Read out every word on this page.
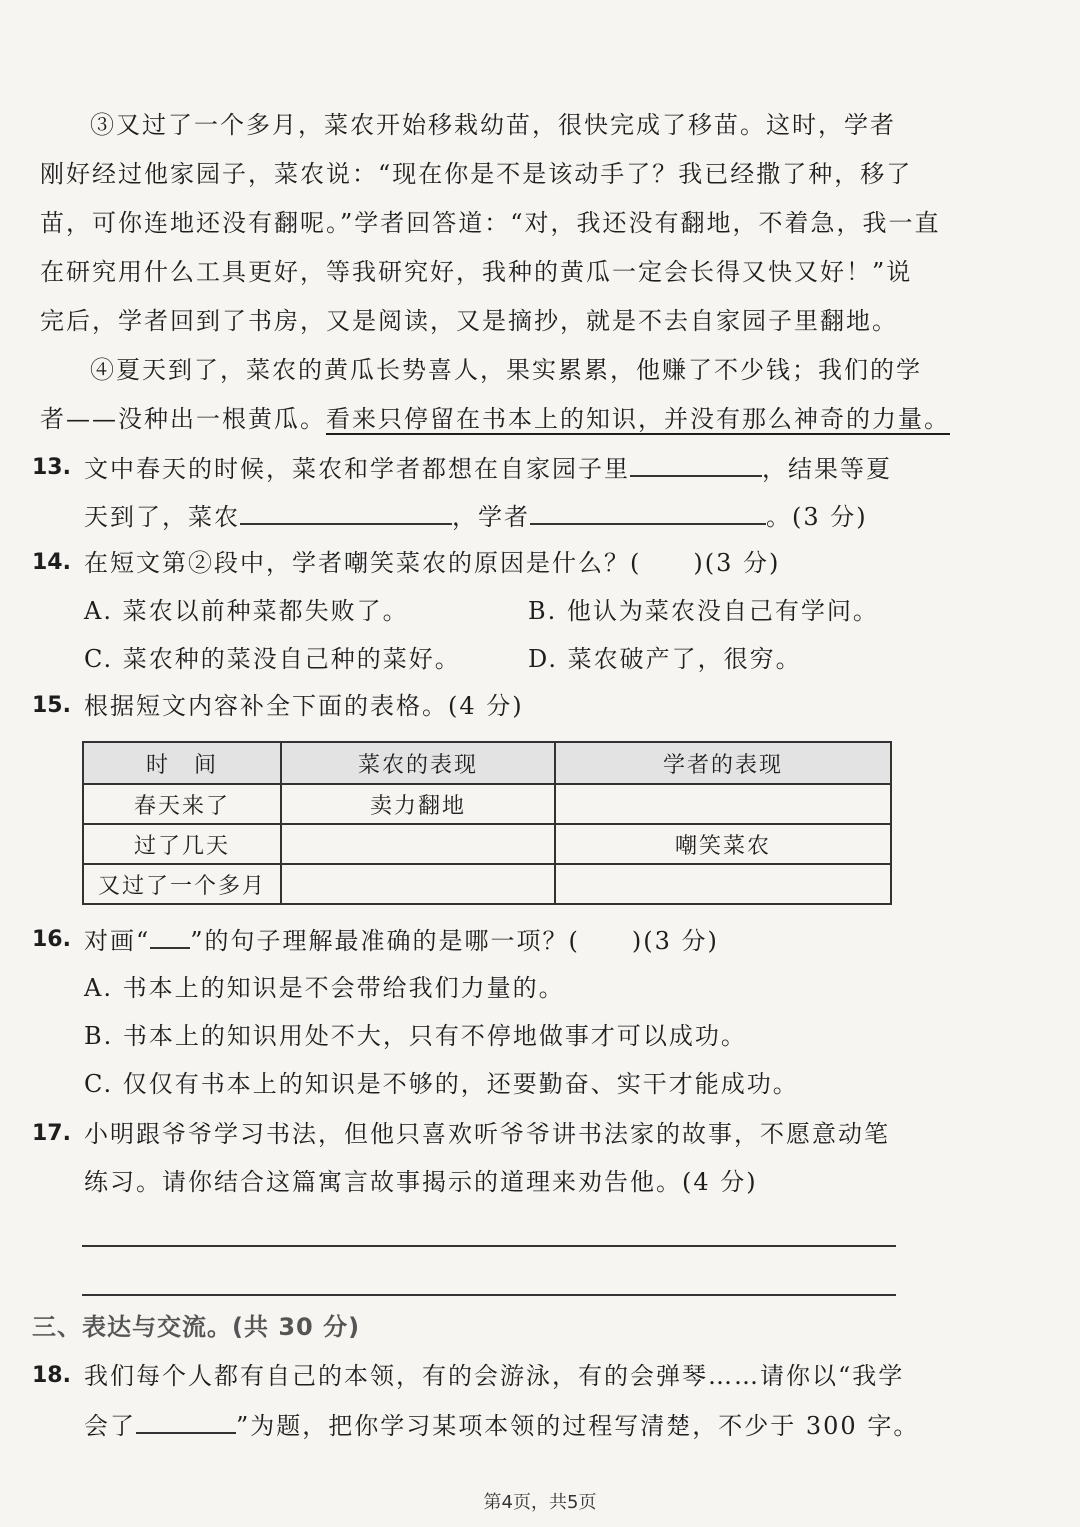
③又过了一个多月，菜农开始移栽幼苗，很快完成了移苗。这时，学者
刚好经过他家园子，菜农说：“现在你是不是该动手了？我已经撒了种，移了
苗，可你连地还没有翻呢。”学者回答道：“对，我还没有翻地，不着急，我一直
在研究用什么工具更好，等我研究好，我种的黄瓜一定会长得又快又好！”说
完后，学者回到了书房，又是阅读，又是摘抄，就是不去自家园子里翻地。
④夏天到了，菜农的黄瓜长势喜人，果实累累，他赚了不少钱；我们的学
者——没种出一根黄瓜。看来只停留在书本上的知识，并没有那么神奇的力量。
13. 文中春天的时候，菜农和学者都想在自家园子里	，结果等夏
天到了，菜农	，学者	。(3 分)
14. 在短文第②段中，学者嘲笑菜农的原因是什么？(　　)(3 分)
A. 菜农以前种菜都失败了。	B. 他认为菜农没自己有学问。
C. 菜农种的菜没自己种的菜好。	D. 菜农破产了，很穷。
15. 根据短文内容补全下面的表格。(4 分)
时　间	菜农的表现	学者的表现
春天来了	卖力翻地	
过了几天		嘲笑菜农
又过了一个多月		
16. 对画“ ”的句子理解最准确的是哪一项？(　　)(3 分)
A. 书本上的知识是不会带给我们力量的。
B. 书本上的知识用处不大，只有不停地做事才可以成功。
C. 仅仅有书本上的知识是不够的，还要勤奋、实干才能成功。
17. 小明跟爷爷学习书法，但他只喜欢听爷爷讲书法家的故事，不愿意动笔
练习。请你结合这篇寓言故事揭示的道理来劝告他。(4 分)
三、表达与交流。(共 30 分)
18. 我们每个人都有自己的本领，有的会游泳，有的会弹琴……请你以“我学
会了	”为题，把你学习某项本领的过程写清楚，不少于 300 字。
第4页，共5页
